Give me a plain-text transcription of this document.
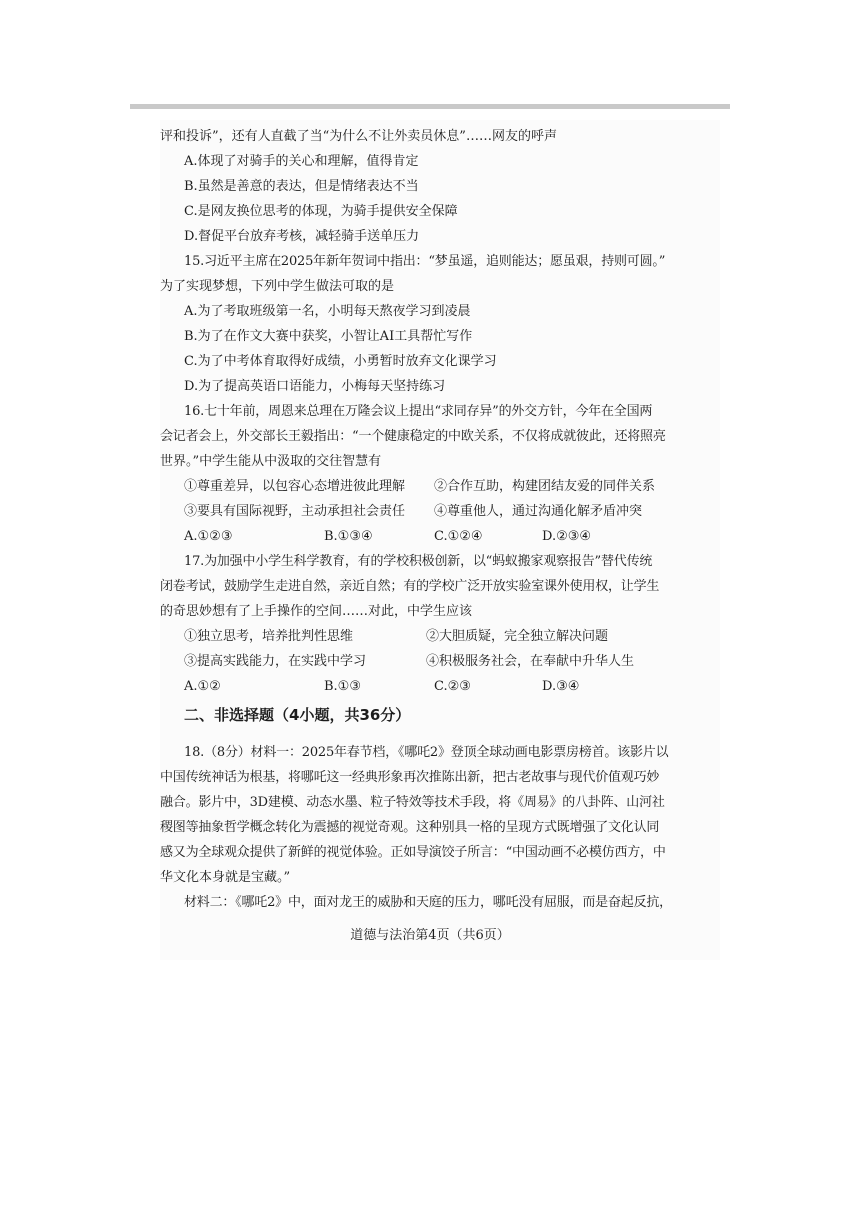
评和投诉”，还有人直截了当“为什么不让外卖员休息”……网友的呼声
A.体现了对骑手的关心和理解，值得肯定
B.虽然是善意的表达，但是情绪表达不当
C.是网友换位思考的体现，为骑手提供安全保障
D.督促平台放弃考核，减轻骑手送单压力
15.习近平主席在2025年新年贺词中指出：“梦虽遥，追则能达；愿虽艰，持则可圆。”
为了实现梦想，下列中学生做法可取的是
A.为了考取班级第一名，小明每天熬夜学习到凌晨
B.为了在作文大赛中获奖，小智让AI工具帮忙写作
C.为了中考体育取得好成绩，小勇暂时放弃文化课学习
D.为了提高英语口语能力，小梅每天坚持练习
16.七十年前，周恩来总理在万隆会议上提出“求同存异”的外交方针，今年在全国两
会记者会上，外交部长王毅指出：“一个健康稳定的中欧关系，不仅将成就彼此，还将照亮
世界。”中学生能从中汲取的交往智慧有
①尊重差异，以包容心态增进彼此理解 ②合作互助，构建团结友爱的同伴关系
③要具有国际视野，主动承担社会责任 ④尊重他人，通过沟通化解矛盾冲突
A.①②③	B.①③④	C.①②④	D.②③④
17.为加强中小学生科学教育，有的学校积极创新，以“蚂蚁搬家观察报告”替代传统
闭卷考试，鼓励学生走进自然，亲近自然；有的学校广泛开放实验室课外使用权，让学生
的奇思妙想有了上手操作的空间……对此，中学生应该
①独立思考，培养批判性思维	②大胆质疑，完全独立解决问题
③提高实践能力，在实践中学习	④积极服务社会，在奉献中升华人生
A.①②	B.①③	C.②③	D.③④
二、非选择题（4小题，共36分）
18.（8分）材料一：2025年春节档，《哪吒2》登顶全球动画电影票房榜首。该影片以
中国传统神话为根基，将哪吒这一经典形象再次推陈出新，把古老故事与现代价值观巧妙
融合。影片中，3D建模、动态水墨、粒子特效等技术手段，将《周易》的八卦阵、山河社
稷图等抽象哲学概念转化为震撼的视觉奇观。这种别具一格的呈现方式既增强了文化认同
感又为全球观众提供了新鲜的视觉体验。正如导演饺子所言：“中国动画不必模仿西方，中
华文化本身就是宝藏。”
材料二：《哪吒2》中，面对龙王的威胁和天庭的压力，哪吒没有屈服，而是奋起反抗，
道德与法治第4页（共6页）
